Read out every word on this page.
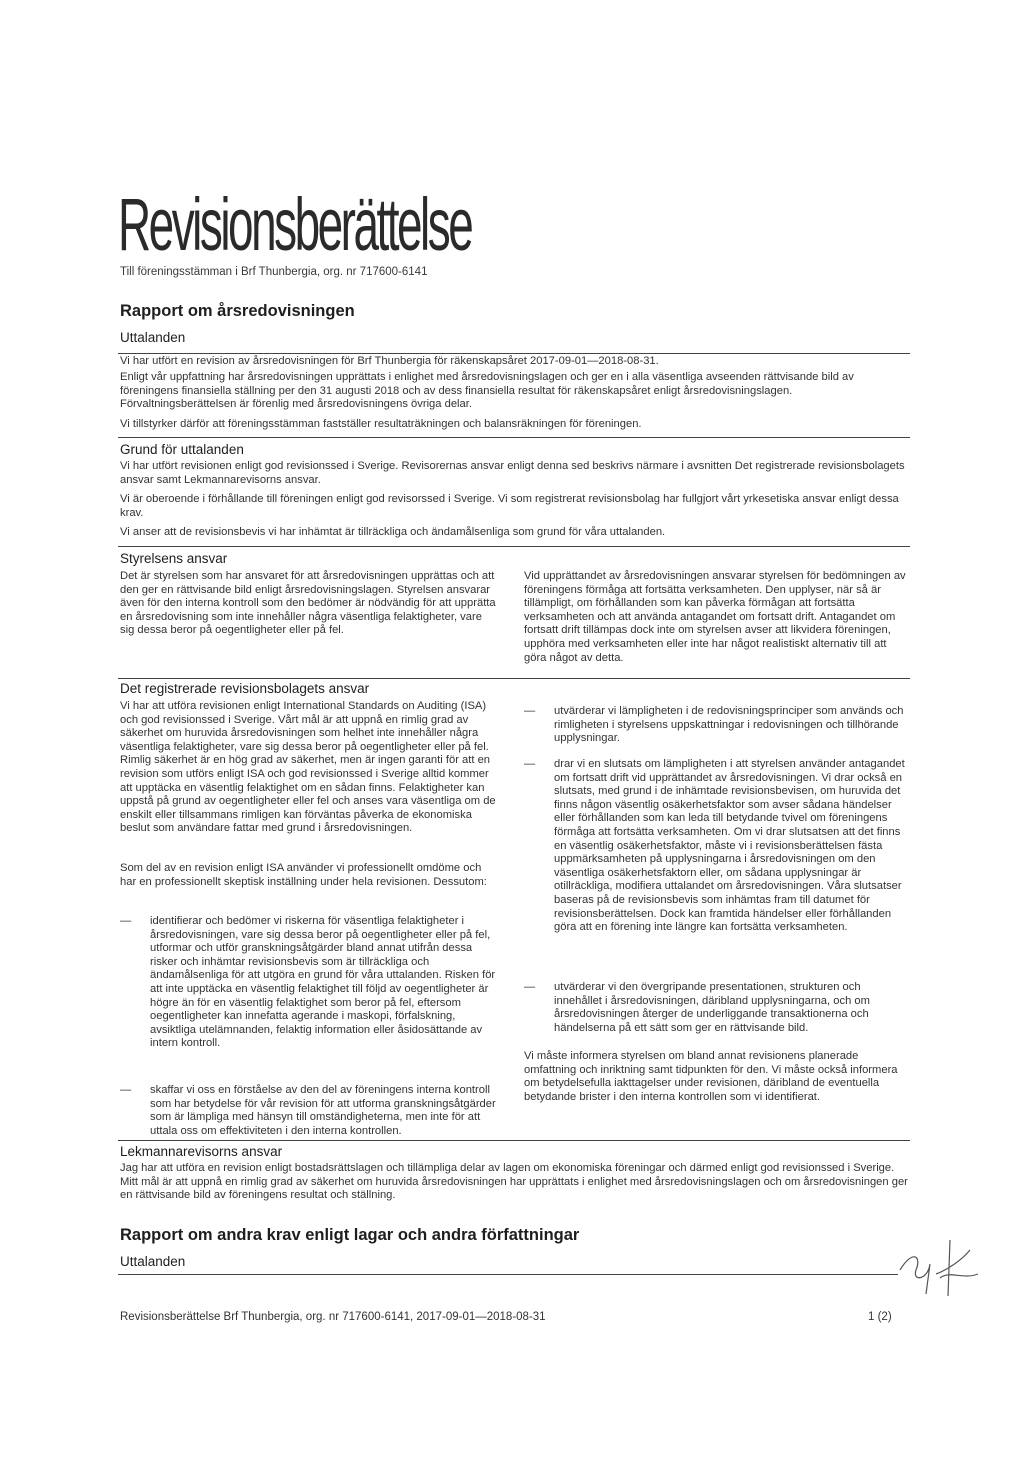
Revisionsberättelse
Till föreningsstämman i Brf Thunbergia, org. nr 717600-6141
Rapport om årsredovisningen
Uttalanden

Vi har utfört en revision av årsredovisningen för Brf Thunbergia för räkenskapsåret 2017-09-01—2018-08-31.

Enligt vår uppfattning har årsredovisningen upprättats i enlighet med årsredovisningslagen och ger en i alla väsentliga avseenden rättvisande bild av föreningens finansiella ställning per den 31 augusti 2018 och av dess finansiella resultat för räkenskapsåret enligt årsredovisningslagen. Förvaltningsberättelsen är förenlig med årsredovisningens övriga delar.

Vi tillstyrker därför att föreningsstämman fastställer resultaträkningen och balansräkningen för föreningen.

Grund för uttalanden

Vi har utfört revisionen enligt god revisionssed i Sverige. Revisorernas ansvar enligt denna sed beskrivs närmare i avsnitten Det registrerade revisionsbolagets ansvar samt Lekmannarevisorns ansvar.

Vi är oberoende i förhållande till föreningen enligt god revisorssed i Sverige. Vi som registrerat revisionsbolag har fullgjort vårt yrkesetiska ansvar enligt dessa krav.

Vi anser att de revisionsbevis vi har inhämtat är tillräckliga och ändamålsenliga som grund för våra uttalanden.

Styrelsens ansvar

Det är styrelsen som har ansvaret för att årsredovisningen upprättas och att den ger en rättvisande bild enligt årsredovisningslagen. Styrelsen ansvarar även för den interna kontroll som den bedömer är nödvändig för att upprätta en årsredovisning som inte innehåller några väsentliga felaktigheter, vare sig dessa beror på oegentligheter eller på fel.

Vid upprättandet av årsredovisningen ansvarar styrelsen för bedömningen av föreningens förmåga att fortsätta verksamheten. Den upplyser, när så är tillämpligt, om förhållanden som kan påverka förmågan att fortsätta verksamheten och att använda antagandet om fortsatt drift. Antagandet om fortsatt drift tillämpas dock inte om styrelsen avser att likvidera föreningen, upphöra med verksamheten eller inte har något realistiskt alternativ till att göra något av detta.

Det registrerade revisionsbolagets ansvar

Vi har att utföra revisionen enligt International Standards on Auditing (ISA) och god revisionssed i Sverige. Vårt mål är att uppnå en rimlig grad av säkerhet om huruvida årsredovisningen som helhet inte innehåller några väsentliga felaktigheter, vare sig dessa beror på oegentligheter eller på fel. Rimlig säkerhet är en hög grad av säkerhet, men är ingen garanti för att en revision som utförs enligt ISA och god revisionssed i Sverige alltid kommer att upptäcka en väsentlig felaktighet om en sådan finns. Felaktigheter kan uppstå på grund av oegentligheter eller fel och anses vara väsentliga om de enskilt eller tillsammans rimligen kan förväntas påverka de ekonomiska beslut som användare fattar med grund i årsredovisningen.

Som del av en revision enligt ISA använder vi professionellt omdöme och har en professionellt skeptisk inställning under hela revisionen. Dessutom:

—	identifierar och bedömer vi riskerna för väsentliga felaktigheter i årsredovisningen, vare sig dessa beror på oegentligheter eller på fel, utformar och utför granskningsåtgärder bland annat utifrån dessa risker och inhämtar revisionsbevis som är tillräckliga och ändamålsenliga för att utgöra en grund för våra uttalanden. Risken för att inte upptäcka en väsentlig felaktighet till följd av oegentligheter är högre än för en väsentlig felaktighet som beror på fel, eftersom oegentligheter kan innefatta agerande i maskopi, förfalskning, avsiktliga utelämnanden, felaktig information eller åsidosättande av intern kontroll.
—	skaffar vi oss en förståelse av den del av föreningens interna kontroll som har betydelse för vår revision för att utforma granskningsåtgärder som är lämpliga med hänsyn till omständigheterna, men inte för att uttala oss om effektiviteten i den interna kontrollen.
—	utvärderar vi lämpligheten i de redovisningsprinciper som används och rimligheten i styrelsens uppskattningar i redovisningen och tillhörande upplysningar.
—	drar vi en slutsats om lämpligheten i att styrelsen använder antagandet om fortsatt drift vid upprättandet av årsredovisningen. Vi drar också en slutsats, med grund i de inhämtade revisionsbevisen, om huruvida det finns någon väsentlig osäkerhetsfaktor som avser sådana händelser eller förhållanden som kan leda till betydande tvivel om föreningens förmåga att fortsätta verksamheten. Om vi drar slutsatsen att det finns en väsentlig osäkerhetsfaktor, måste vi i revisionsberättelsen fästa uppmärksamheten på upplysningarna i årsredovisningen om den väsentliga osäkerhetsfaktorn eller, om sådana upplysningar är otillräckliga, modifiera uttalandet om årsredovisningen. Våra slutsatser baseras på de revisionsbevis som inhämtas fram till datumet för revisionsberättelsen. Dock kan framtida händelser eller förhållanden göra att en förening inte längre kan fortsätta verksamheten.
—	utvärderar vi den övergripande presentationen, strukturen och innehållet i årsredovisningen, däribland upplysningarna, och om årsredovisningen återger de underliggande transaktionerna och händelserna på ett sätt som ger en rättvisande bild.

Vi måste informera styrelsen om bland annat revisionens planerade omfattning och inriktning samt tidpunkten för den. Vi måste också informera om betydelsefulla iakttagelser under revisionen, däribland de eventuella betydande brister i den interna kontrollen som vi identifierat.

Lekmannarevisorns ansvar

Jag har att utföra en revision enligt bostadsrättslagen och tillämpliga delar av lagen om ekonomiska föreningar och därmed enligt god revisionssed i Sverige. Mitt mål är att uppnå en rimlig grad av säkerhet om huruvida årsredovisningen har upprättats i enlighet med årsredovisningslagen och om årsredovisningen ger en rättvisande bild av föreningens resultat och ställning.

Rapport om andra krav enligt lagar och andra författningar
Uttalanden
Revisionsberättelse Brf Thunbergia, org. nr 717600-6141, 2017-09-01—2018-08-31	1 (2)
